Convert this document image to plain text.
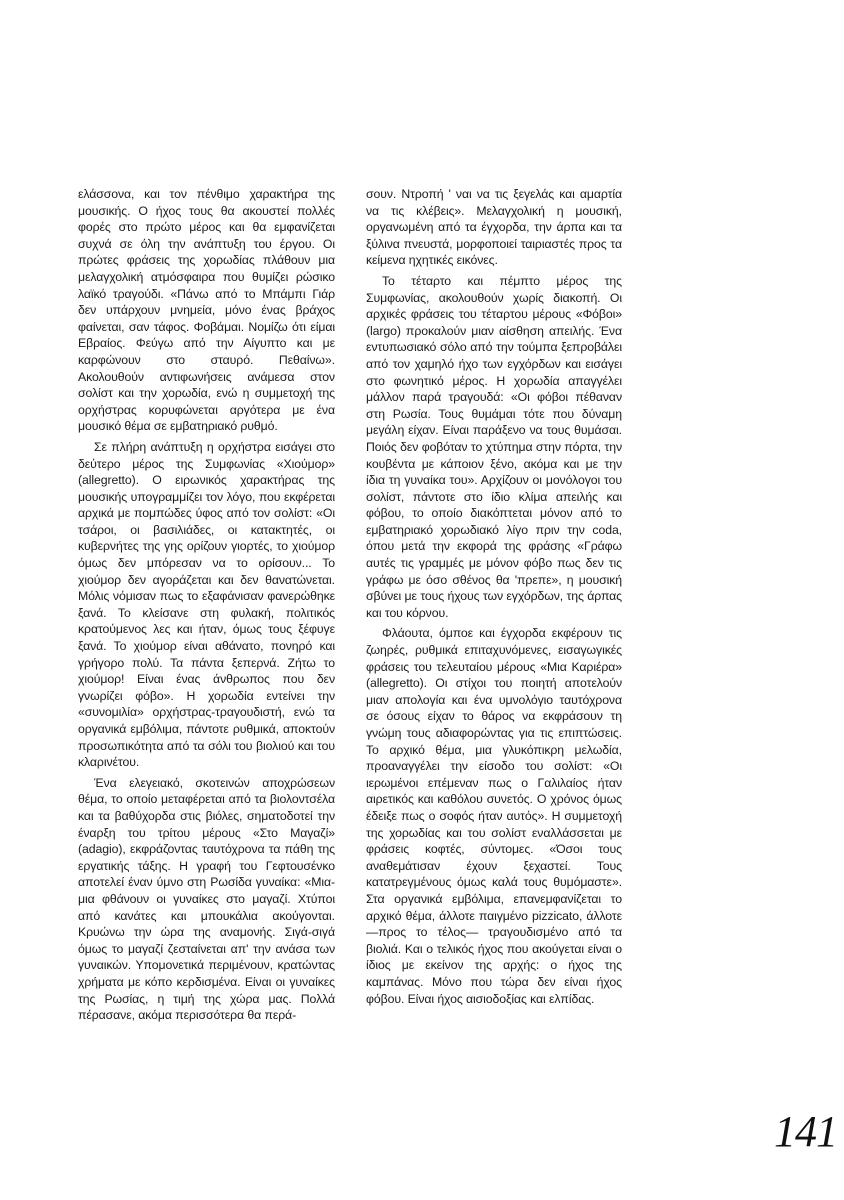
ελάσσονα, και τον πένθιμο χαρακτήρα της μουσικής. Ο ήχος τους θα ακουστεί πολλές φορές στο πρώτο μέρος και θα εμφανίζεται συχνά σε όλη την ανάπτυξη του έργου. Οι πρώτες φράσεις της χορωδίας πλάθουν μια μελαγχολική ατμόσφαιρα που θυμίζει ρώσικο λαϊκό τραγούδι. «Πάνω από το Μπάμπι Γιάρ δεν υπάρχουν μνημεία, μόνο ένας βράχος φαίνεται, σαν τάφος. Φοβάμαι. Νομίζω ότι είμαι Εβραίος. Φεύγω από την Αίγυπτο και με καρφώνουν στο σταυρό. Πεθαίνω». Ακολουθούν αντιφωνήσεις ανάμεσα στον σολίστ και την χορωδία, ενώ η συμμετοχή της ορχήστρας κορυφώνεται αργότερα με ένα μουσικό θέμα σε εμβατηριακό ρυθμό.

Σε πλήρη ανάπτυξη η ορχήστρα εισάγει στο δεύτερο μέρος της Συμφωνίας «Χιούμορ» (allegretto). Ο ειρωνικός χαρακτήρας της μουσικής υπογραμμίζει τον λόγο, που εκφέρεται αρχικά με πομπώδες ύφος από τον σολίστ: «Οι τσάροι, οι βασιλιάδες, οι κατακτητές, οι κυβερνήτες της γης ορίζουν γιορτές, το χιούμορ όμως δεν μπόρεσαν να το ορίσουν... Το χιούμορ δεν αγοράζεται και δεν θανατώνεται. Μόλις νόμισαν πως το εξαφάνισαν φανερώθηκε ξανά. Το κλείσανε στη φυλακή, πολιτικός κρατούμενος λες και ήταν, όμως τους ξέφυγε ξανά. Το χιούμορ είναι αθάνατο, πονηρό και γρήγορο πολύ. Τα πάντα ξεπερνά. Ζήτω το χιούμορ! Είναι ένας άνθρωπος που δεν γνωρίζει φόβο». Η χορωδία εντείνει την «συνομιλία» ορχήστρας-τραγουδιστή, ενώ τα οργανικά εμβόλιμα, πάντοτε ρυθμικά, αποκτούν προσωπικότητα από τα σόλι του βιολιού και του κλαρινέτου.

Ένα ελεγειακό, σκοτεινών αποχρώσεων θέμα, το οποίο μεταφέρεται από τα βιολοντσέλα και τα βαθύχορδα στις βιόλες, σηματοδοτεί την έναρξη του τρίτου μέρους «Στο Μαγαζί» (adagio), εκφράζοντας ταυτόχρονα τα πάθη της εργατικής τάξης. Η γραφή του Γεφτουσένκο αποτελεί έναν ύμνο στη Ρωσίδα γυναίκα: «Μια-μια φθάνουν οι γυναίκες στο μαγαζί. Χτύποι από κανάτες και μπουκάλια ακούγονται. Κρυώνω την ώρα της αναμονής. Σιγά-σιγά όμως το μαγαζί ζεσταίνεται απ' την ανάσα των γυναικών. Υπομονετικά περιμένουν, κρατώντας χρήματα με κόπο κερδισμένα. Είναι οι γυναίκες της Ρωσίας, η τιμή της χώρα μας. Πολλά πέρασανε, ακόμα περισσότερα θα περά-

σουν. Ντροπή ' ναι να τις ξεγελάς και αμαρτία να τις κλέβεις». Μελαγχολική η μουσική, οργανωμένη από τα έγχορδα, την άρπα και τα ξύλινα πνευστά, μορφοποιεί ταιριαστές προς τα κείμενα ηχητικές εικόνες.

Το τέταρτο και πέμπτο μέρος της Συμφωνίας, ακολουθούν χωρίς διακοπή. Οι αρχικές φράσεις του τέταρτου μέρους «Φόβοι» (largo) προκαλούν μιαν αίσθηση απειλής. Ένα εντυπωσιακό σόλο από την τούμπα ξεπροβάλει από τον χαμηλό ήχο των εγχόρδων και εισάγει στο φωνητικό μέρος. Η χορωδία απαγγέλει μάλλον παρά τραγουδά: «Οι φόβοι πέθαναν στη Ρωσία. Τους θυμάμαι τότε που δύναμη μεγάλη είχαν. Είναι παράξενο να τους θυμάσαι. Ποιός δεν φοβόταν το χτύπημα στην πόρτα, την κουβέντα με κάποιον ξένο, ακόμα και με την ίδια τη γυναίκα του». Αρχίζουν οι μονόλογοι του σολίστ, πάντοτε στο ίδιο κλίμα απειλής και φόβου, το οποίο διακόπτεται μόνον από το εμβατηριακό χορωδιακό λίγο πριν την coda, όπου μετά την εκφορά της φράσης «Γράφω αυτές τις γραμμές με μόνον φόβο πως δεν τις γράφω με όσο σθένος θα 'πρεπε», η μουσική σβύνει με τους ήχους των εγχόρδων, της άρπας και του κόρνου.

Φλάουτα, όμποε και έγχορδα εκφέρουν τις ζωηρές, ρυθμικά επιταχυνόμενες, εισαγωγικές φράσεις του τελευταίου μέρους «Μια Καριέρα» (allegretto). Οι στίχοι του ποιητή αποτελούν μιαν απολογία και ένα υμνολόγιο ταυτόχρονα σε όσους είχαν το θάρος να εκφράσουν τη γνώμη τους αδιαφορώντας για τις επιπτώσεις. Το αρχικό θέμα, μια γλυκόπικρη μελωδία, προαναγγέλει την είσοδο του σολίστ: «Οι ιερωμένοι επέμεναν πως ο Γαλιλαίος ήταν αιρετικός και καθόλου συνετός. Ο χρόνος όμως έδειξε πως ο σοφός ήταν αυτός». Η συμμετοχή της χορωδίας και του σολίστ εναλλάσσεται με φράσεις κοφτές, σύντομες. «Όσοι τους αναθεμάτισαν έχουν ξεχαστεί. Τους κατατρεγμένους όμως καλά τους θυμόμαστε». Στα οργανικά εμβόλιμα, επανεμφανίζεται το αρχικό θέμα, άλλοτε παιγμένο pizzicato, άλλοτε —προς το τέλος— τραγουδισμένο από τα βιολιά. Και ο τελικός ήχος που ακούγεται είναι ο ίδιος με εκείνον της αρχής: ο ήχος της καμπάνας. Μόνο που τώρα δεν είναι ήχος φόβου. Είναι ήχος αισιοδοξίας και ελπίδας.

141
